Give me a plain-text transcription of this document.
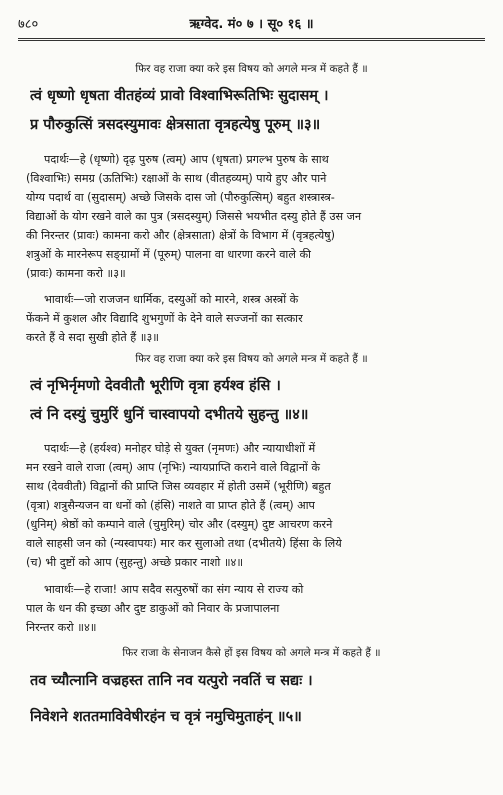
७८०	ऋग्वेद. मं० ७ । सू० १६ ॥
फिर वह राजा क्या करे इस विषय को अगले मन्त्र में कहते हैं ॥
त्वं धृष्णो धृषता वीतहंव्यं प्रावो विश्वाभिरूतिभिः सुदासम् ।
प्र पौरुकुत्सिं त्रसदस्युमावः क्षेत्रसाता वृत्रहत्येषु पूरुम् ॥३॥
पदार्थः—हे (धृष्णो) दृढ़ पुरुष (त्वम्) आप (धृषता) प्रगल्भ पुरुष के साथ
(विश्वाभिः) समग्र (ऊतिभिः) रक्षाओं के साथ (वीतहव्यम्) पाये हुए और पाने
योग्य पदार्थ वा (सुदासम्) अच्छे जिसके दास जो (पौरुकुत्सिम्) बहुत शस्त्रास्त्र-
विद्याओं के योग रखने वाले का पुत्र (त्रसदस्युम्) जिससे भयभीत दस्यु होते हैं उस जन
की निरन्तर (प्रावः) कामना करो और (क्षेत्रसाता) क्षेत्रों के विभाग में (वृत्रहत्येषु)
शत्रुओं के मारनेरूप सङ्ग्रामों में (पूरुम्) पालना वा धारणा करने वाले की
(प्रावः) कामना करो ॥३॥
भावार्थः—जो राजजन धार्मिक, दस्युओं को मारने, शस्त्र अस्त्रों के
फेंकने में कुशल और विद्यादि शुभगुणों के देने वाले सज्जनों का सत्कार
करते हैं वे सदा सुखी होते हैं ॥३॥
फिर वह राजा क्या करे इस विषय को अगले मन्त्र में कहते हैं ॥
त्वं नृभिर्नृमणो देववीतौ भूरीणि वृत्रा हर्यश्व हंसि ।
त्वं नि दस्युं चुमुरिं धुनिं चास्वापयो दभीतये सुहन्तु ॥४॥
पदार्थः—हे (हर्यश्व) मनोहर घोड़े से युक्त (नृमणः) और न्यायाधीशों में
मन रखने वाले राजा (त्वम्) आप (नृभिः) न्यायप्राप्ति कराने वाले विद्वानों के
साथ (देववीतौ) विद्वानों की प्राप्ति जिस व्यवहार में होती उसमें (भूरीणि) बहुत
(वृत्रा) शत्रुसैन्यजन वा धनों को (हंसि) नाशते वा प्राप्त होते हैं (त्वम्) आप
(धुनिम्) श्रेष्ठों को कम्पाने वाले (चुमुरिम्) चोर और (दस्युम्) दुष्ट आचरण करने
वाले साहसी जन को (न्यस्वापयः) मार कर सुलाओ तथा (दभीतये) हिंसा के लिये
(च) भी दुष्टों को आप (सुहन्तु) अच्छे प्रकार नाशो ॥४॥
भावार्थः—हे राजा! आप सदैव सत्पुरुषों का संग न्याय से राज्य को
पाल के धन की इच्छा और दुष्ट डाकुओं को निवार के प्रजापालना
निरन्तर करो ॥४॥
फिर राजा के सेनाजन कैसे हों इस विषय को अगले मन्त्र में कहते हैं ॥
तव च्यौत्नानि वज्रहस्त तानि नव यत्पुरो नवतिं च सद्यः ।
निवेशने शततमाविवेषीरहंन च वृत्रं नमुचिमुताहंन् ॥५॥
